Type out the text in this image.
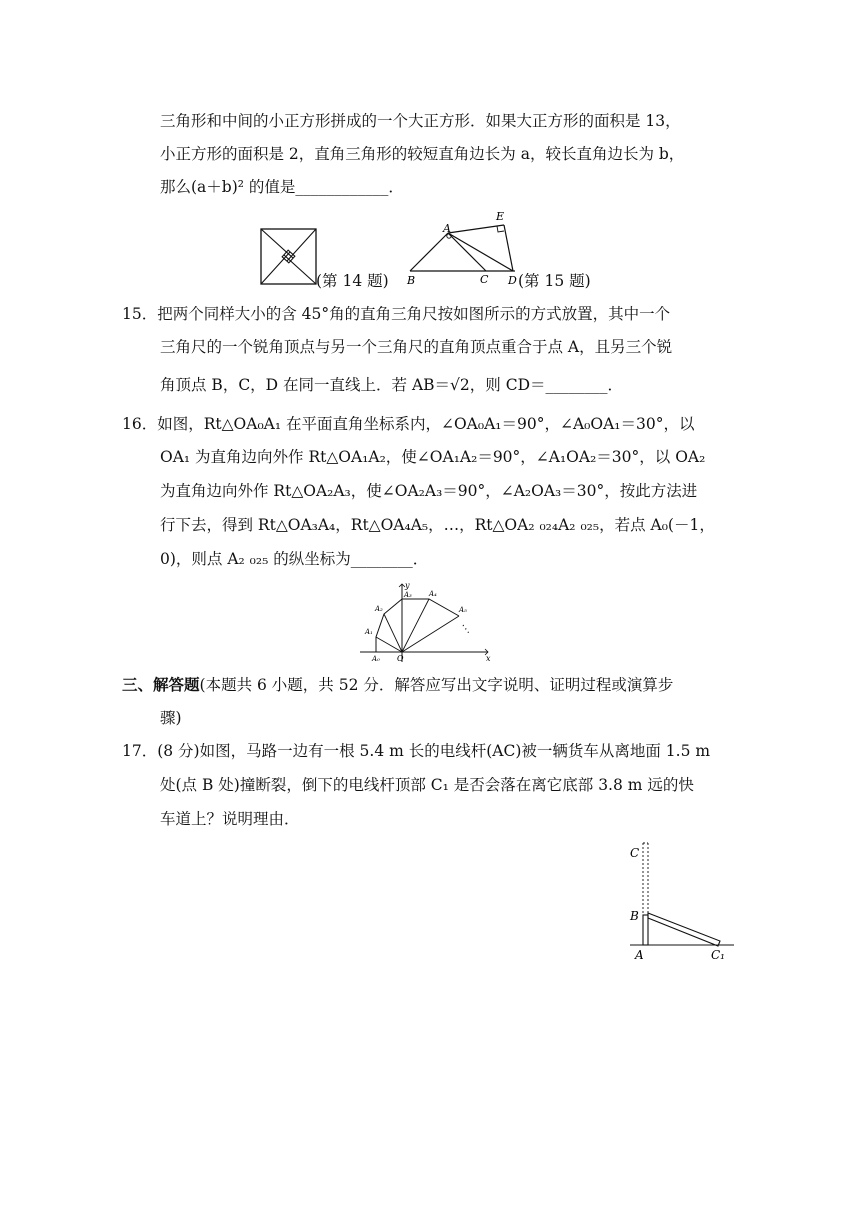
三角形和中间的小正方形拼成的一个大正方形．如果大正方形的面积是 13，
小正方形的面积是 2，直角三角形的较短直角边长为 a，较长直角边长为 b，
那么(a＋b)² 的值是____________．
(第 14 题)
A
E
B	C D (第 15 题)
15．把两个同样大小的含 45°角的直角三角尺按如图所示的方式放置，其中一个
三角尺的一个锐角顶点与另一个三角尺的直角顶点重合于点 A，且另三个锐
角顶点 B，C，D 在同一直线上．若 AB＝√2，则 CD＝________．
16．如图，Rt△OA₀A₁ 在平面直角坐标系内，∠OA₀A₁＝90°，∠A₀OA₁＝30°，以
OA₁ 为直角边向外作 Rt△OA₁A₂，使∠OA₁A₂＝90°，∠A₁OA₂＝30°，以 OA₂
为直角边向外作 Rt△OA₂A₃，使∠OA₂A₃＝90°，∠A₂OA₃＝30°，按此方法进
行下去，得到 Rt△OA₃A₄，Rt△OA₄A₅，…，Rt△OA₂ ₀₂₄A₂ ₀₂₅，若点 A₀(－1，
0)，则点 A₂ ₀₂₅ 的纵坐标为________．
y
x
O
A₀
A₁
A₂
A₃ A₄
A₅
⋱
三、解答题(本题共 6 小题，共 52 分．解答应写出文字说明、证明过程或演算步
骤)
17．(8 分)如图，马路一边有一根 5.4 m 长的电线杆(AC)被一辆货车从离地面 1.5 m
处(点 B 处)撞断裂，倒下的电线杆顶部 C₁ 是否会落在离它底部 3.8 m 远的快
车道上？说明理由．
C
B
A	C₁
